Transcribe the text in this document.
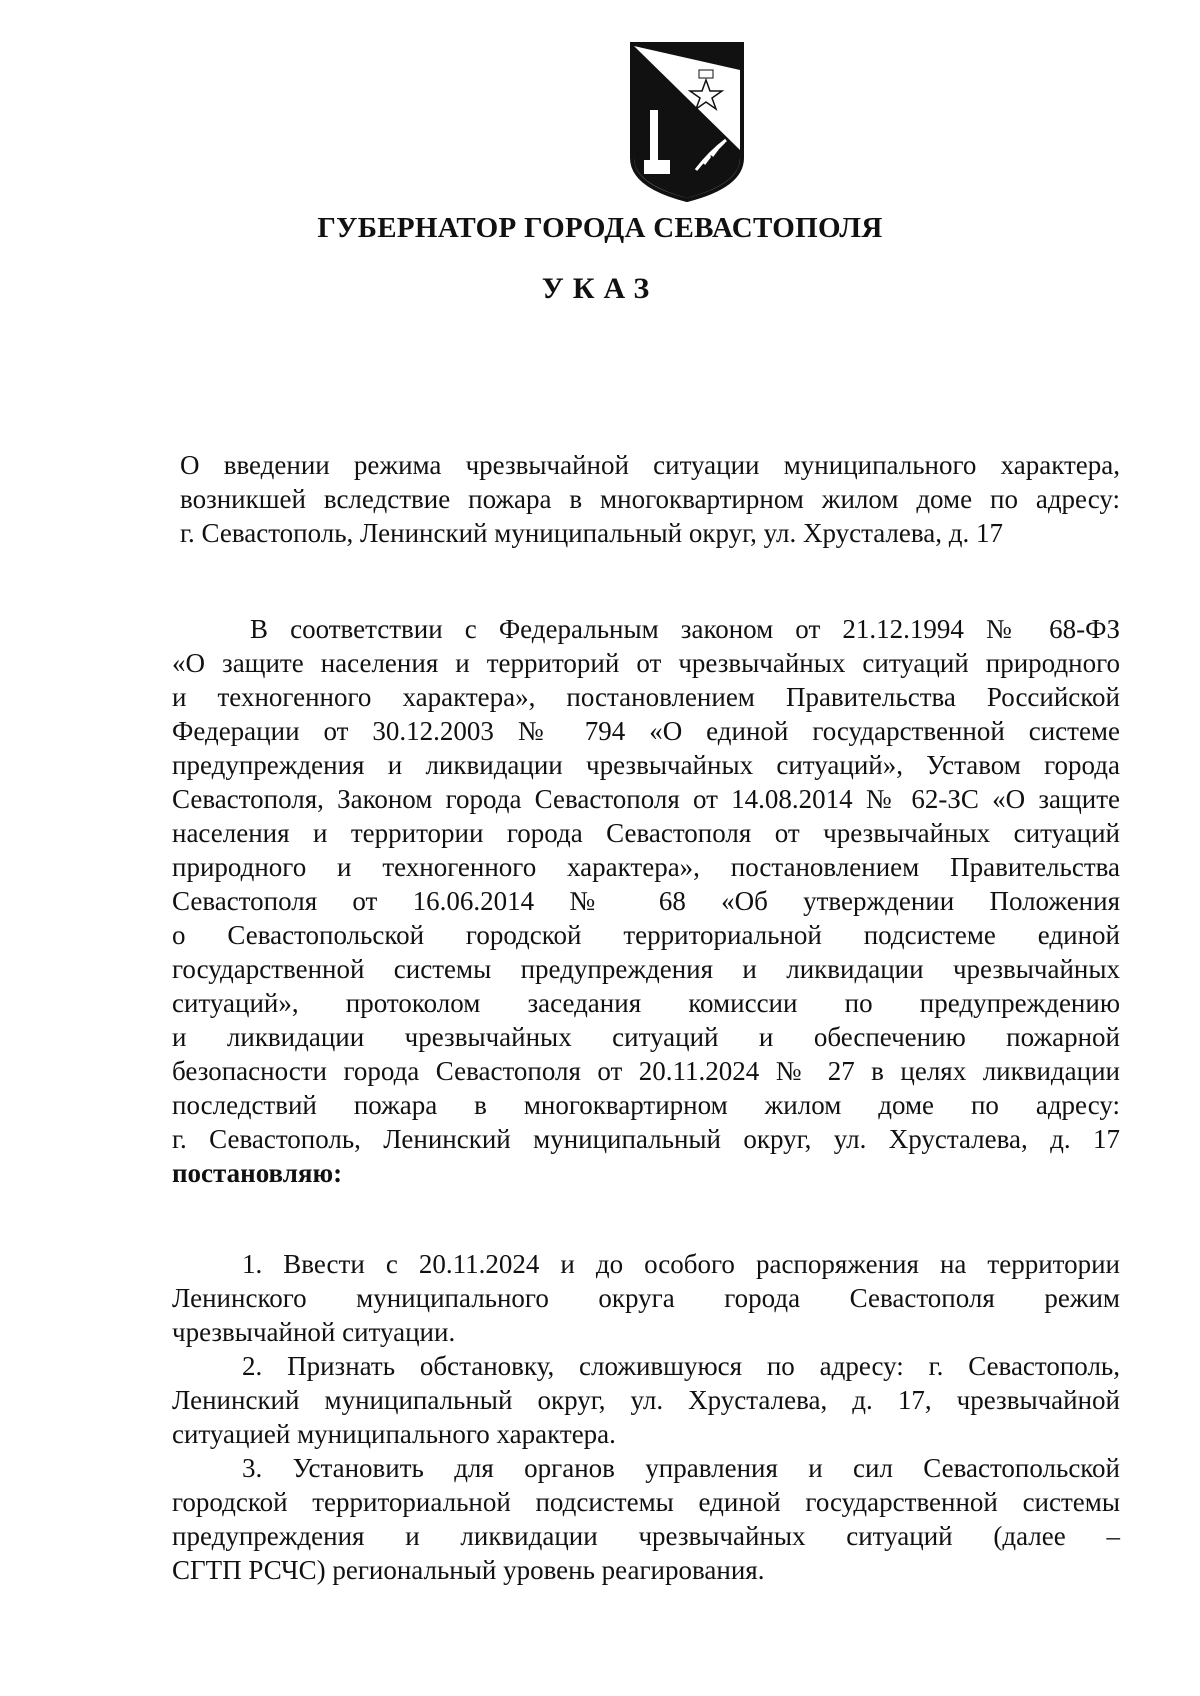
ГУБЕРНАТОР ГОРОДА СЕВАСТОПОЛЯ
УКАЗ
О введении режима чрезвычайной ситуации муниципального характера,
возникшей вследствие пожара в многоквартирном жилом доме по адресу:
г. Севастополь, Ленинский муниципальный округ, ул. Хрусталева, д. 17
В соответствии с Федеральным законом от 21.12.1994 № 68-ФЗ
«О защите населения и территорий от чрезвычайных ситуаций природного
и техногенного характера», постановлением Правительства Российской
Федерации от 30.12.2003 № 794 «О единой государственной системе
предупреждения и ликвидации чрезвычайных ситуаций», Уставом города
Севастополя, Законом города Севастополя от 14.08.2014 № 62-ЗС «О защите
населения и территории города Севастополя от чрезвычайных ситуаций
природного и техногенного характера», постановлением Правительства
Севастополя от 16.06.2014 № 68 «Об утверждении Положения
о Севастопольской городской территориальной подсистеме единой
государственной системы предупреждения и ликвидации чрезвычайных
ситуаций», протоколом заседания комиссии по предупреждению
и ликвидации чрезвычайных ситуаций и обеспечению пожарной
безопасности города Севастополя от 20.11.2024 № 27 в целях ликвидации
последствий пожара в многоквартирном жилом доме по адресу:
г. Севастополь, Ленинский муниципальный округ, ул. Хрусталева, д. 17
постановляю:
1. Ввести с 20.11.2024 и до особого распоряжения на территории
Ленинского муниципального округа города Севастополя режим
чрезвычайной ситуации.
2. Признать обстановку, сложившуюся по адресу: г. Севастополь,
Ленинский муниципальный округ, ул. Хрусталева, д. 17, чрезвычайной
ситуацией муниципального характера.
3. Установить для органов управления и сил Севастопольской
городской территориальной подсистемы единой государственной системы
предупреждения и ликвидации чрезвычайных ситуаций (далее –
СГТП РСЧС) региональный уровень реагирования.
